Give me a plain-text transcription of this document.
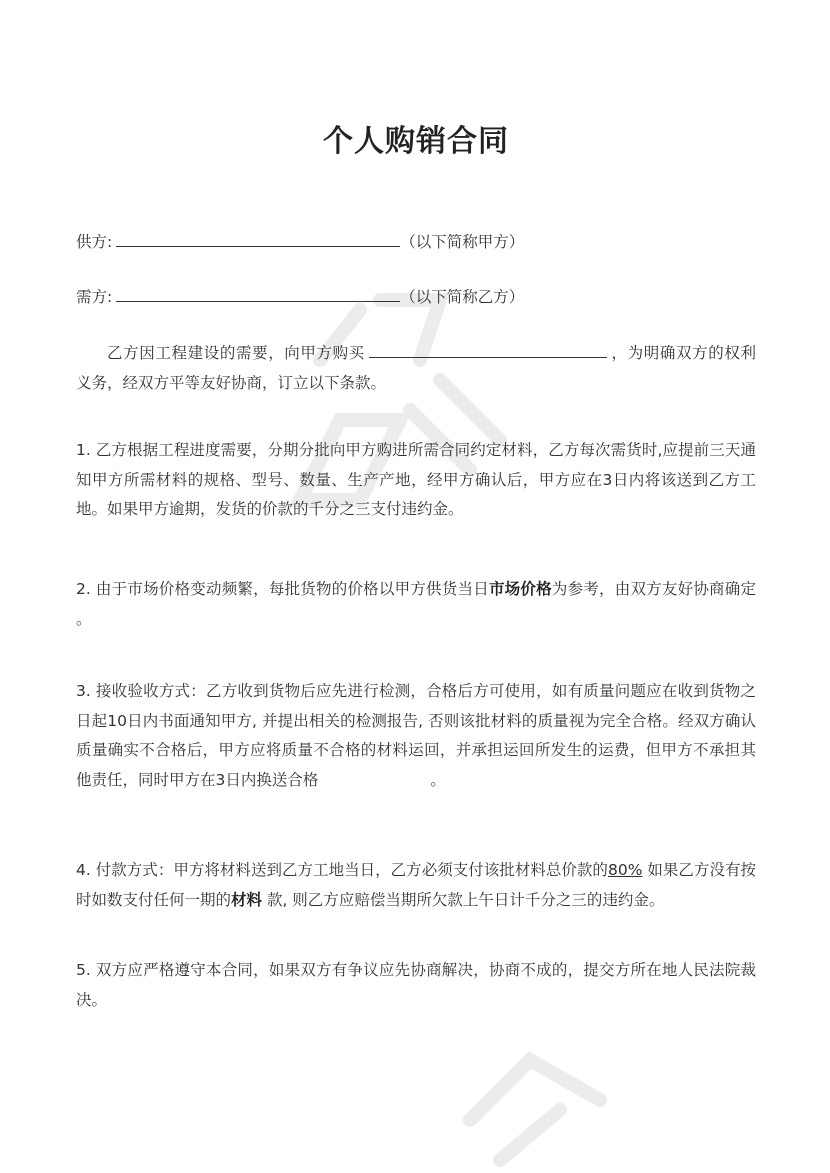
个人购销合同
供方:	（以下简称甲方）
需方:	（以下简称乙方）
乙方因工程建设的需要，向甲方购买	，为明确双方的权利义务，经双方平等友好协商，订立以下条款。
1. 乙方根据工程进度需要，分期分批向甲方购进所需合同约定材料，乙方每次需货时,应提前三天通知甲方所需材料的规格、型号、数量、生产产地，经甲方确认后，甲方应在3日内将该送到乙方工地。如果甲方逾期，发货的价款的千分之三支付违约金。
2. 由于市场价格变动频繁，每批货物的价格以甲方供货当日市场价格为参考，由双方友好协商确定 。
3. 接收验收方式：乙方收到货物后应先进行检测，合格后方可使用，如有质量问题应在收到货物之日起10日内书面通知甲方, 并提出相关的检测报告, 否则该批材料的质量视为完全合格。经双方确认质量确实不合格后，甲方应将质量不合格的材料运回，并承担运回所发生的运费，但甲方不承担其他责任，同时甲方在3日内换送合格	。
4. 付款方式：甲方将材料送到乙方工地当日，乙方必须支付该批材料总价款的80% 如果乙方没有按时如数支付任何一期的材料 款, 则乙方应赔偿当期所欠款上午日计千分之三的违约金。
5. 双方应严格遵守本合同，如果双方有争议应先协商解决，协商不成的，提交方所在地人民法院裁决。
